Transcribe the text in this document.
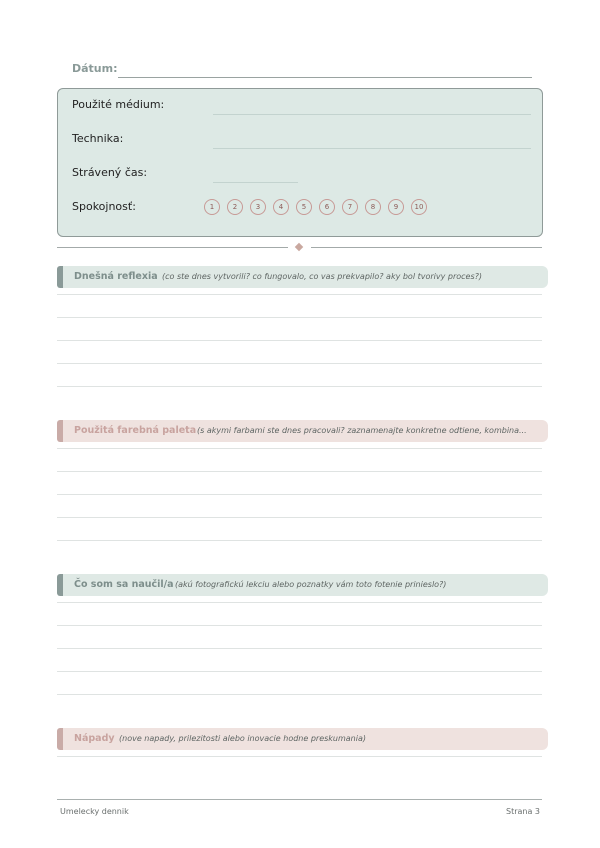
Dátum:
Použité médium:
Technika:
Strávený čas:
Spokojnosť:	1	2	3	4	5	6	7	8	9	10
Dnešná reflexia (co ste dnes vytvorili? co fungovalo, co vas prekvapilo? aky bol tvorivy proces?)
Použitá farebná paleta (s akymi farbami ste dnes pracovali? zaznamenajte konkretne odtiene, kombina...
Čo som sa naučil/a (akú fotografickú lekciu alebo poznatky vám toto fotenie prinieslo?)
Nápady (nove napady, prilezitosti alebo inovacie hodne preskumania)
Umelecky dennik	Strana 3
